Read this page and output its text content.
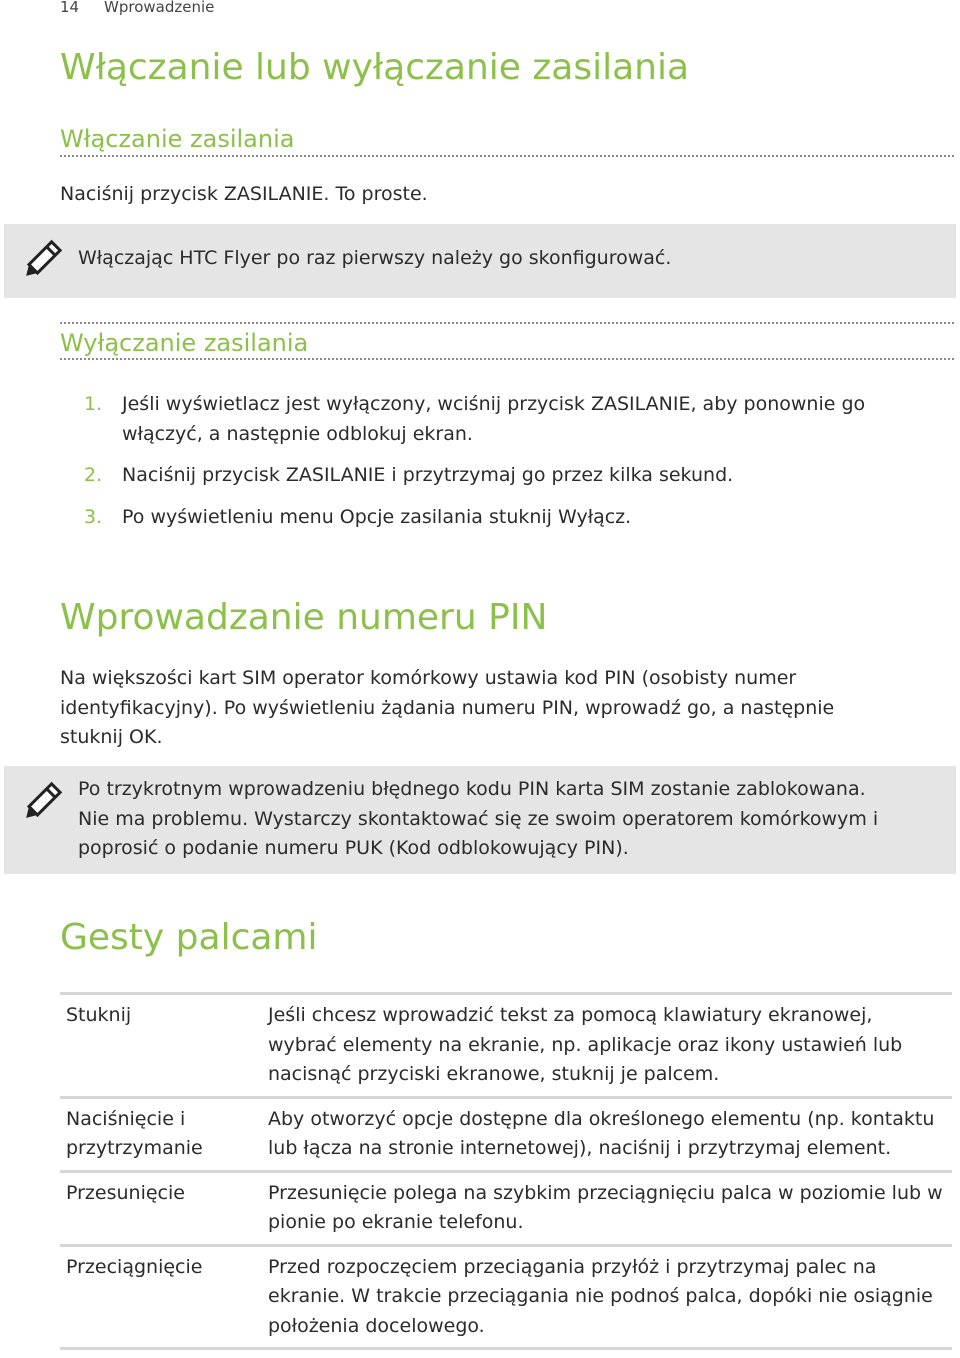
14 Wprowadzenie
Włączanie lub wyłączanie zasilania
Włączanie zasilania

Naciśnij przycisk ZASILANIE. To proste.

Włączając HTC Flyer po raz pierwszy należy go skonfigurować.

Wyłączanie zasilania
1.	Jeśli wyświetlacz jest wyłączony, wciśnij przycisk ZASILANIE, aby ponownie go włączyć, a następnie odblokuj ekran.
2.	Naciśnij przycisk ZASILANIE i przytrzymaj go przez kilka sekund.
3.	Po wyświetleniu menu Opcje zasilania stuknij Wyłącz.
Wprowadzanie numeru PIN

Na większości kart SIM operator komórkowy ustawia kod PIN (osobisty numer identyfikacyjny). Po wyświetleniu żądania numeru PIN, wprowadź go, a następnie stuknij OK.

Po trzykrotnym wprowadzeniu błędnego kodu PIN karta SIM zostanie zablokowana. Nie ma problemu. Wystarczy skontaktować się ze swoim operatorem komórkowym i poprosić o podanie numeru PUK (Kod odblokowujący PIN).

Gesty palcami
Stuknij	Jeśli chcesz wprowadzić tekst za pomocą klawiatury ekranowej, wybrać elementy na ekranie, np. aplikacje oraz ikony ustawień lub nacisnąć przyciski ekranowe, stuknij je palcem.
Naciśnięcie i przytrzymanie	Aby otworzyć opcje dostępne dla określonego elementu (np. kontaktu lub łącza na stronie internetowej), naciśnij i przytrzymaj element.
Przesunięcie	Przesunięcie polega na szybkim przeciągnięciu palca w poziomie lub w pionie po ekranie telefonu.
Przeciągnięcie	Przed rozpoczęciem przeciągania przyłóż i przytrzymaj palec na ekranie. W trakcie przeciągania nie podnoś palca, dopóki nie osiągnie położenia docelowego.
